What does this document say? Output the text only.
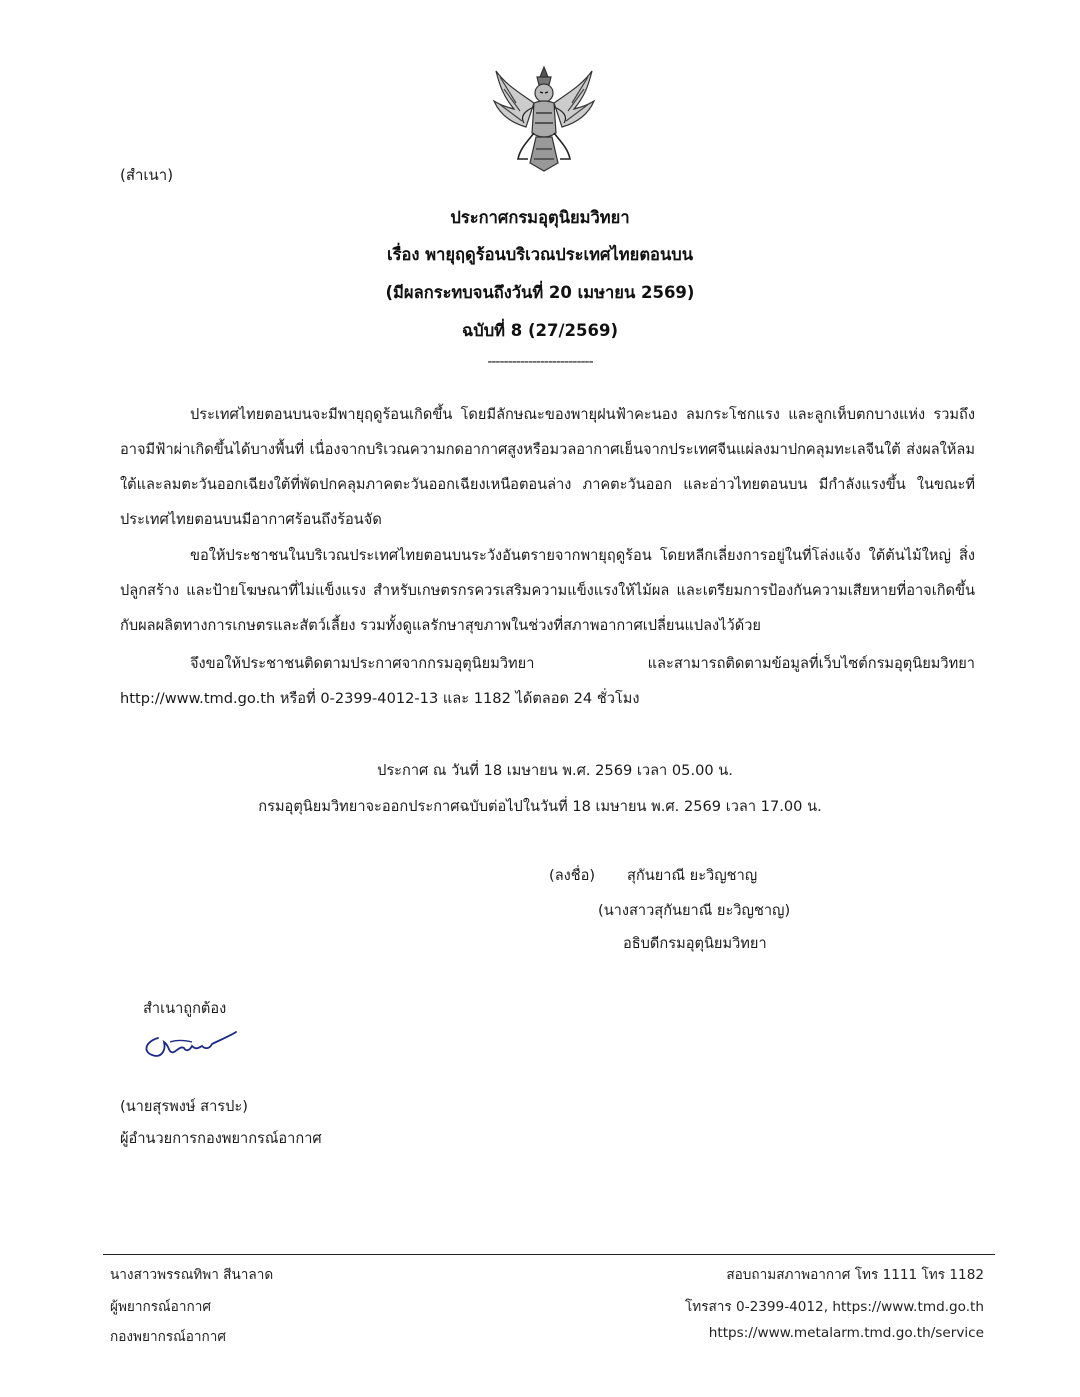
(สำเนา)
ประกาศกรมอุตุนิยมวิทยา
เรื่อง พายุฤดูร้อนบริเวณประเทศไทยตอนบน
(มีผลกระทบจนถึงวันที่ 20 เมษายน 2569)
ฉบับที่ 8 (27/2569)
--------------------------
ประเทศไทยตอนบนจะมีพายุฤดูร้อนเกิดขึ้น โดยมีลักษณะของพายุฝนฟ้าคะนอง ลมกระโชกแรง และลูกเห็บตกบางแห่ง รวมถึงอาจมีฟ้าผ่าเกิดขึ้นได้บางพื้นที่ เนื่องจากบริเวณความกดอากาศสูงหรือมวลอากาศเย็นจากประเทศจีนแผ่ลงมาปกคลุมทะเลจีนใต้ ส่งผลให้ลมใต้และลมตะวันออกเฉียงใต้ที่พัดปกคลุมภาคตะวันออกเฉียงเหนือตอนล่าง ภาคตะวันออก และอ่าวไทยตอนบน มีกำลังแรงขึ้น ในขณะที่ประเทศไทยตอนบนมีอากาศร้อนถึงร้อนจัด
ขอให้ประชาชนในบริเวณประเทศไทยตอนบนระวังอันตรายจากพายุฤดูร้อน โดยหลีกเลี่ยงการอยู่ในที่โล่งแจ้ง ใต้ต้นไม้ใหญ่ สิ่งปลูกสร้าง และป้ายโฆษณาที่ไม่แข็งแรง สำหรับเกษตรกรควรเสริมความแข็งแรงให้ไม้ผล และเตรียมการป้องกันความเสียหายที่อาจเกิดขึ้นกับผลผลิตทางการเกษตรและสัตว์เลี้ยง รวมทั้งดูแลรักษาสุขภาพในช่วงที่สภาพอากาศเปลี่ยนแปลงไว้ด้วย
จึงขอให้ประชาชนติดตามประกาศจากกรมอุตุนิยมวิทยา และสามารถติดตามข้อมูลที่เว็บไซต์กรมอุตุนิยมวิทยา http://www.tmd.go.th หรือที่ 0-2399-4012-13 และ 1182 ได้ตลอด 24 ชั่วโมง
ประกาศ ณ วันที่ 18 เมษายน พ.ศ. 2569 เวลา 05.00 น.
กรมอุตุนิยมวิทยาจะออกประกาศฉบับต่อไปในวันที่ 18 เมษายน พ.ศ. 2569 เวลา 17.00 น.
(ลงชื่อ) สุกันยาณี ยะวิญชาญ
(นางสาวสุกันยาณี ยะวิญชาญ)
อธิบดีกรมอุตุนิยมวิทยา
สำเนาถูกต้อง
(นายสุรพงษ์ สารปะ)
ผู้อำนวยการกองพยากรณ์อากาศ
นางสาวพรรณทิพา สีนาลาด
ผู้พยากรณ์อากาศ
กองพยากรณ์อากาศ
สอบถามสภาพอากาศ โทร 1111 โทร 1182
โทรสาร 0-2399-4012, https://www.tmd.go.th
https://www.metalarm.tmd.go.th/service
